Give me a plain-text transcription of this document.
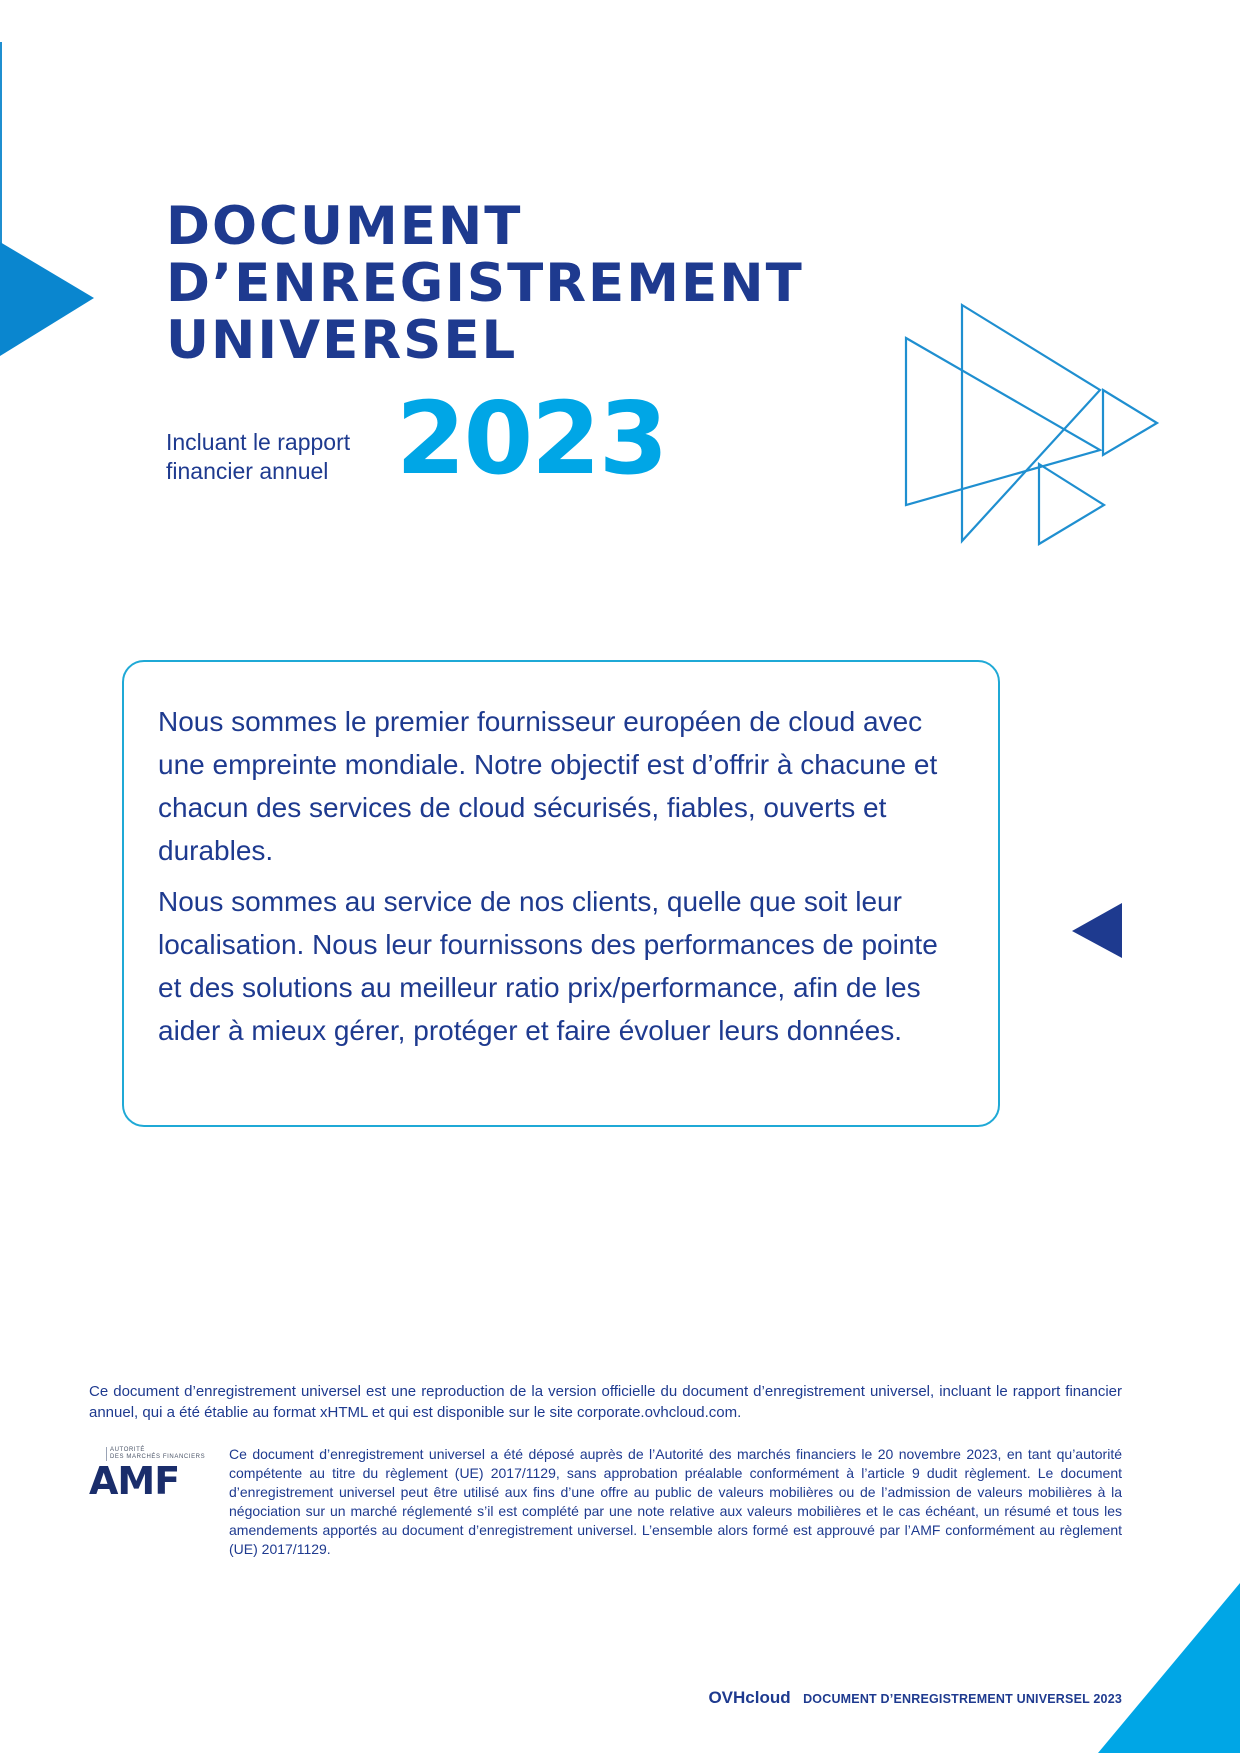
DOCUMENT
D’ENREGISTREMENT
UNIVERSEL
Incluant le rapport
financier annuel 2023

Nous sommes le premier fournisseur européen de cloud avec une empreinte mondiale. Notre objectif est d’offrir à chacune et chacun des services de cloud sécurisés, fiables, ouverts et durables.

Nous sommes au service de nos clients, quelle que soit leur localisation. Nous leur fournissons des performances de pointe et des solutions au meilleur ratio prix/performance, afin de les aider à mieux gérer, protéger et faire évoluer leurs données.

Ce document d’enregistrement universel est une reproduction de la version officielle du document d’enregistrement universel, incluant le rapport financier annuel, qui a été établie au format xHTML et qui est disponible sur le site corporate.ovhcloud.com.

AUTORITÉ
DES MARCHÉS FINANCIERS
AMF

Ce document d’enregistrement universel a été déposé auprès de l’Autorité des marchés financiers le 20 novembre 2023, en tant qu’autorité compétente au titre du règlement (UE) 2017/1129, sans approbation préalable conformément à l’article 9 dudit règlement. Le document d’enregistrement universel peut être utilisé aux fins d’une offre au public de valeurs mobilières ou de l’admission de valeurs mobilières à la négociation sur un marché réglementé s’il est complété par une note relative aux valeurs mobilières et le cas échéant, un résumé et tous les amendements apportés au document d’enregistrement universel. L’ensemble alors formé est approuvé par l’AMF conformément au règlement (UE) 2017/1129.

OVHcloud DOCUMENT D’ENREGISTREMENT UNIVERSEL 2023
